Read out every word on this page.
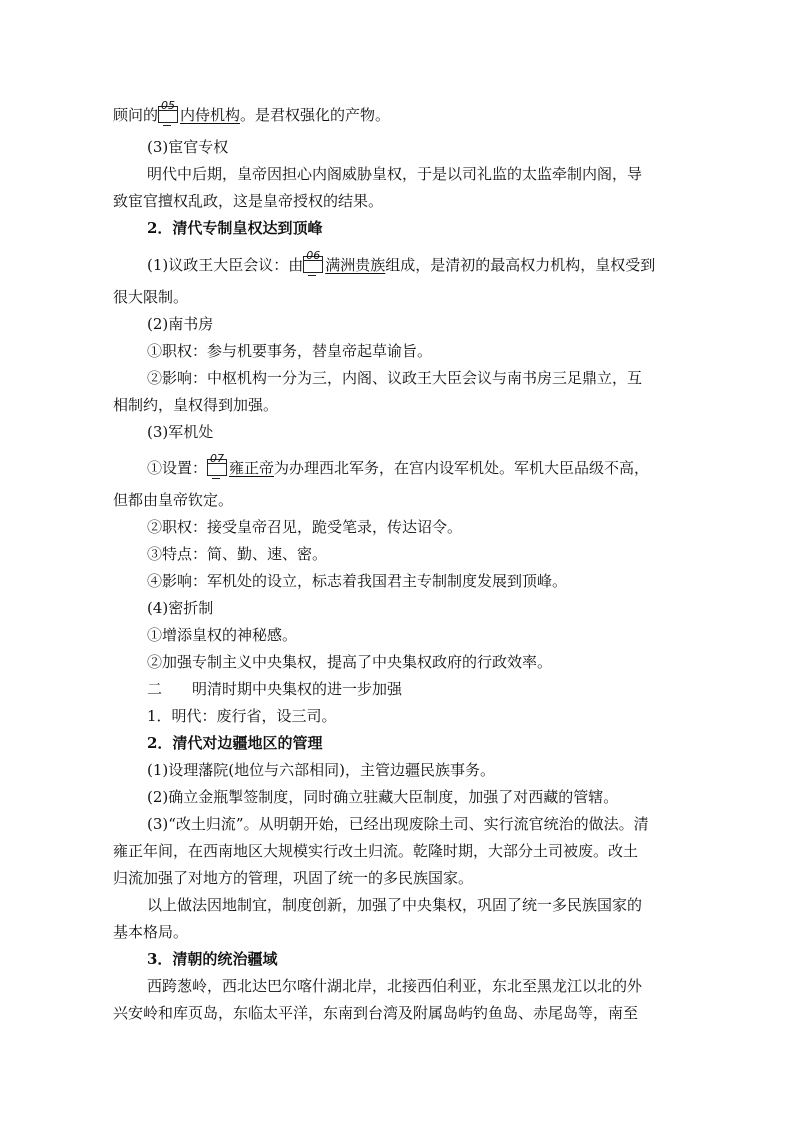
顾问的
05
内侍机构。是君权强化的产物。
(3)宦官专权
明代中后期，皇帝因担心内阁威胁皇权，于是以司礼监的太监牵制内阁，导
致宦官擅权乱政，这是皇帝授权的结果。
2．清代专制皇权达到顶峰
(1)议政王大臣会议：由
06
满洲贵族组成，是清初的最高权力机构，皇权受到
很大限制。
(2)南书房
①职权：参与机要事务，替皇帝起草谕旨。
②影响：中枢机构一分为三，内阁、议政王大臣会议与南书房三足鼎立，互
相制约，皇权得到加强。
(3)军机处
①设置：
07
雍正帝为办理西北军务，在宫内设军机处。军机大臣品级不高，
但都由皇帝钦定。
②职权：接受皇帝召见，跪受笔录，传达诏令。
③特点：简、勤、速、密。
④影响：军机处的设立，标志着我国君主专制制度发展到顶峰。
(4)密折制
①增添皇权的神秘感。
②加强专制主义中央集权，提高了中央集权政府的行政效率。
二　　明清时期中央集权的进一步加强
1．明代：废行省，设三司。
2．清代对边疆地区的管理
(1)设理藩院(地位与六部相同)，主管边疆民族事务。
(2)确立金瓶掣签制度，同时确立驻藏大臣制度，加强了对西藏的管辖。
(3)“改土归流”。从明朝开始，已经出现废除土司、实行流官统治的做法。清
雍正年间，在西南地区大规模实行改土归流。乾隆时期，大部分土司被废。改土
归流加强了对地方的管理，巩固了统一的多民族国家。
以上做法因地制宜，制度创新，加强了中央集权，巩固了统一多民族国家的
基本格局。
3．清朝的统治疆域
西跨葱岭，西北达巴尔喀什湖北岸，北接西伯利亚，东北至黑龙江以北的外
兴安岭和库页岛，东临太平洋，东南到台湾及附属岛屿钓鱼岛、赤尾岛等，南至
